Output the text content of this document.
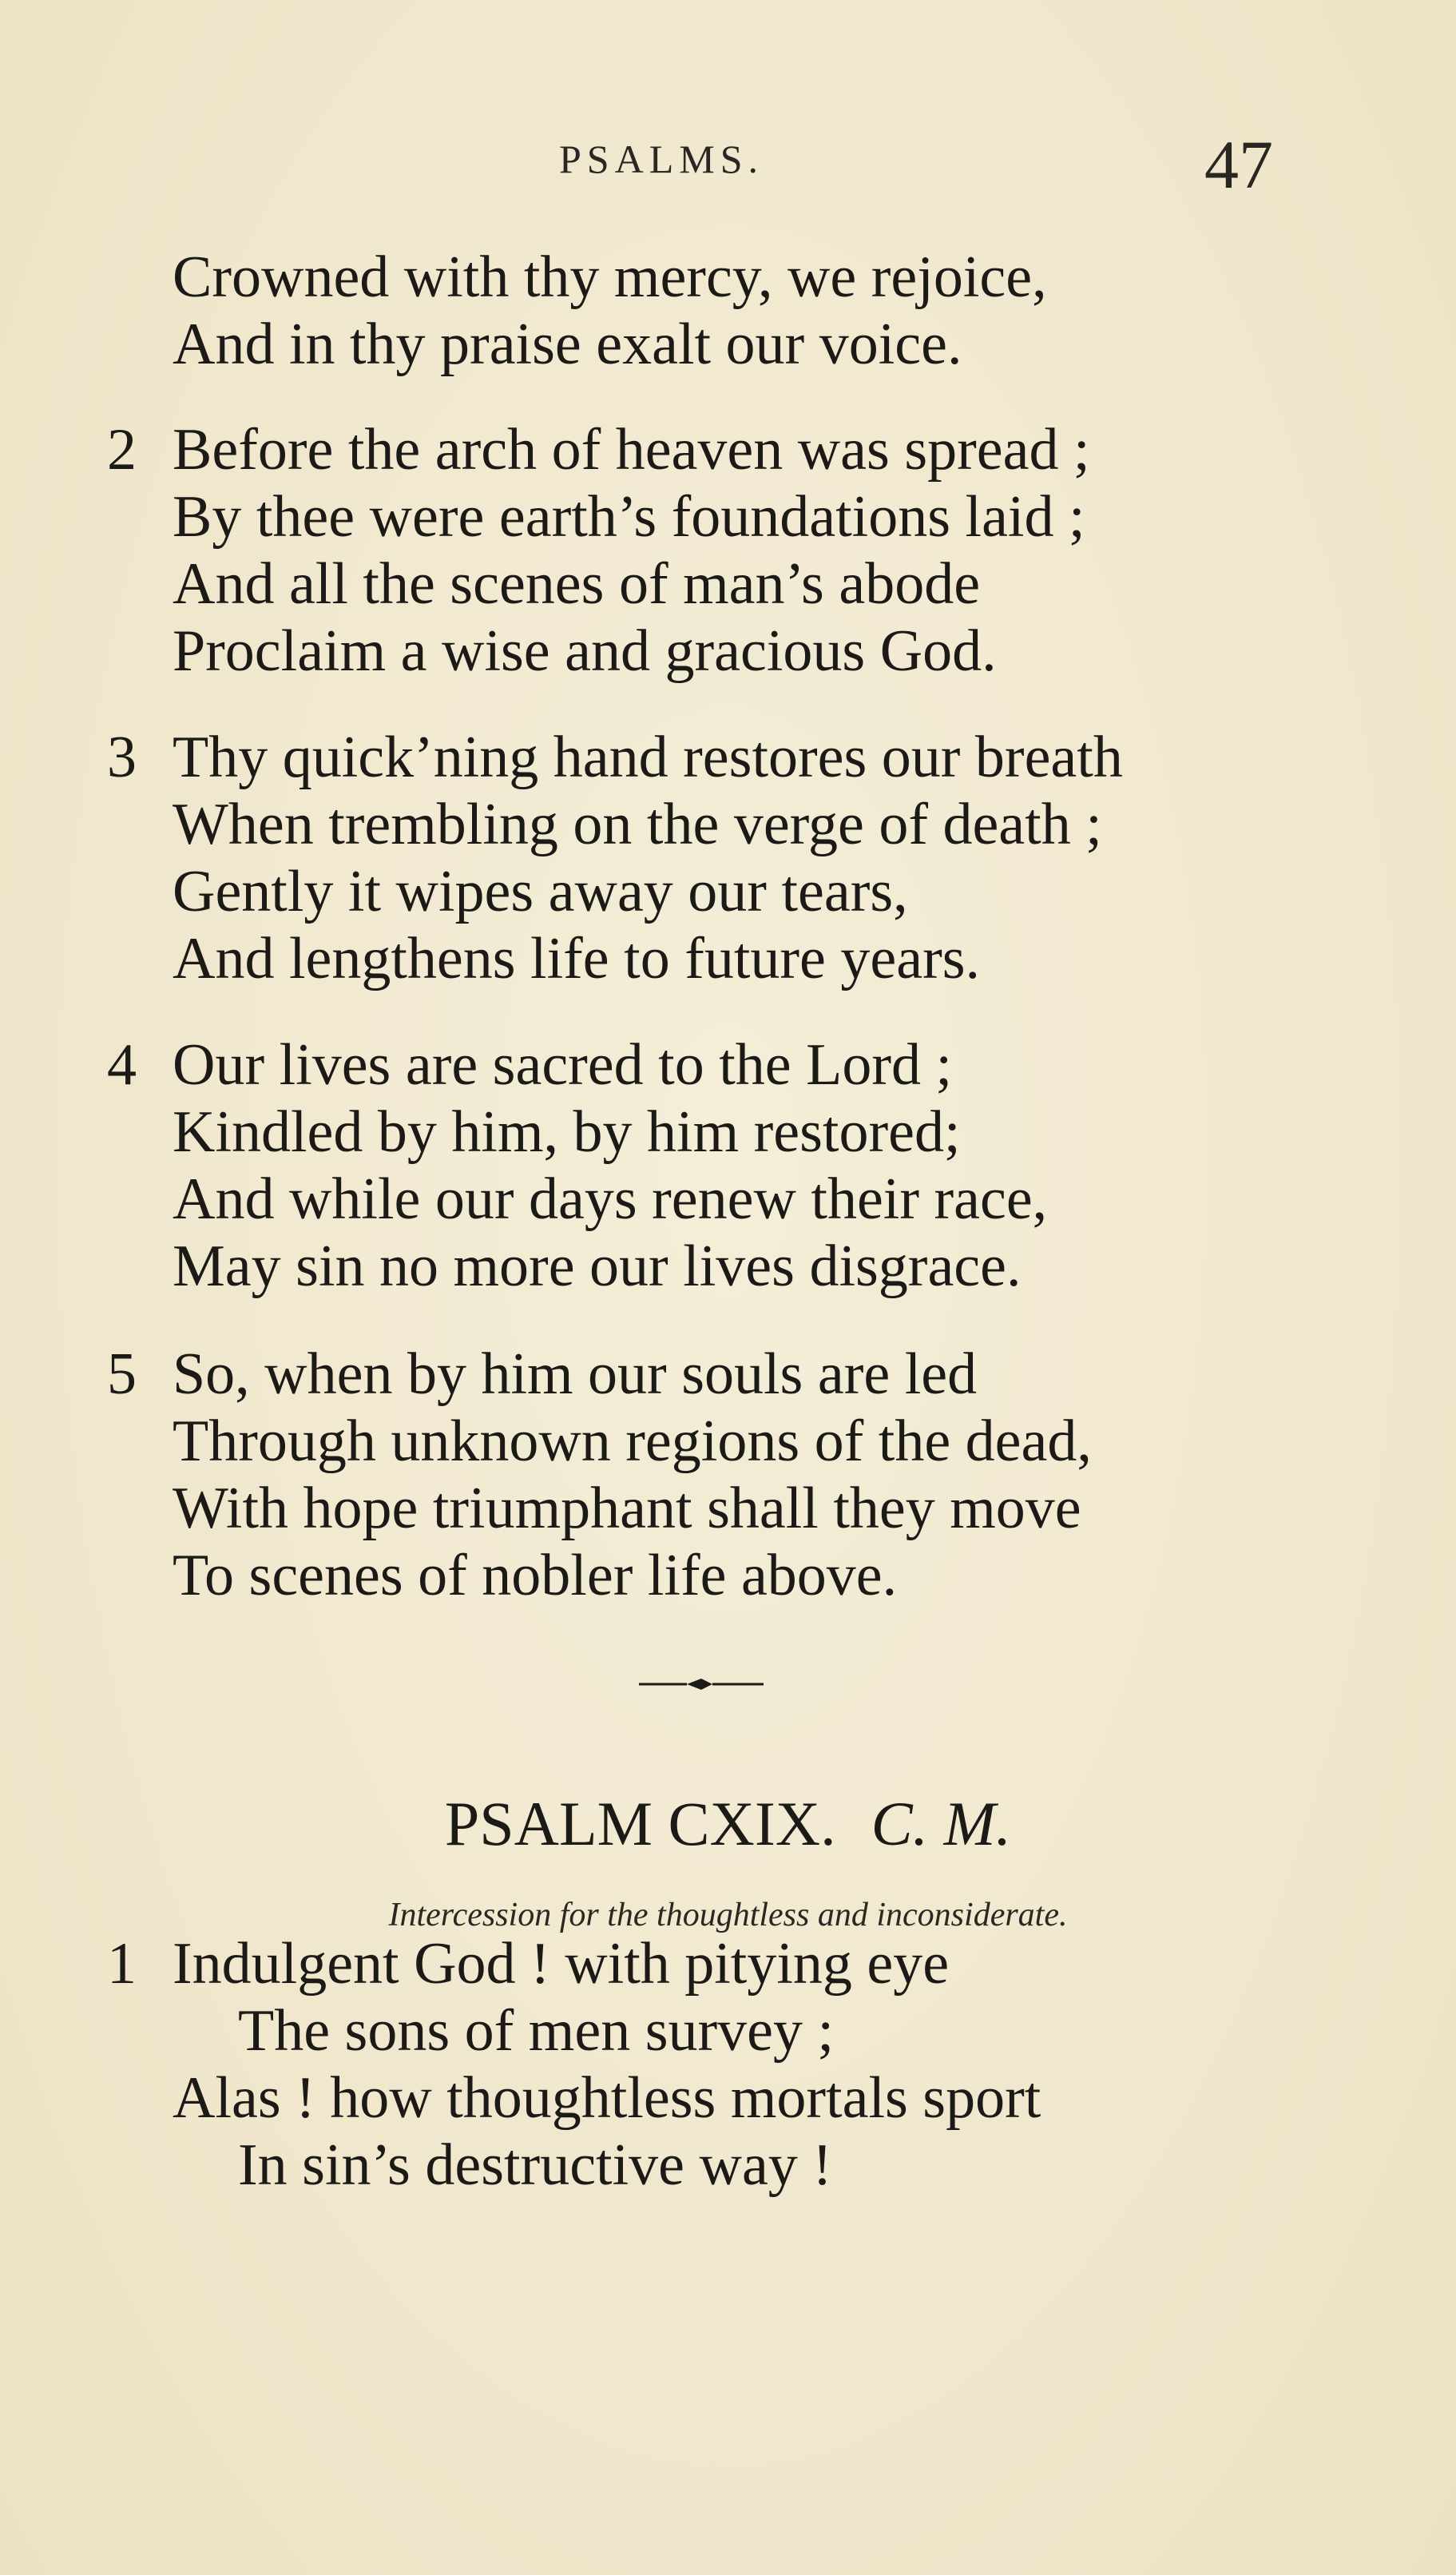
PSALMS.	47
Crowned with thy mercy, we rejoice,
And in thy praise exalt our voice.
2 Before the arch of heaven was spread ;
By thee were earth’s foundations laid ;
And all the scenes of man’s abode
Proclaim a wise and gracious God.
3 Thy quick’ning hand restores our breath
When trembling on the verge of death ;
Gently it wipes away our tears,
And lengthens life to future years.
4 Our lives are sacred to the Lord ;
Kindled by him, by him restored;
And while our days renew their race,
May sin no more our lives disgrace.
5 So, when by him our souls are led
Through unknown regions of the dead,
With hope triumphant shall they move
To scenes of nobler life above.
PSALM CXIX. C. M.
Intercession for the thoughtless and inconsiderate.
1 Indulgent God ! with pitying eye
The sons of men survey ;
Alas ! how thoughtless mortals sport
In sin’s destructive way !
